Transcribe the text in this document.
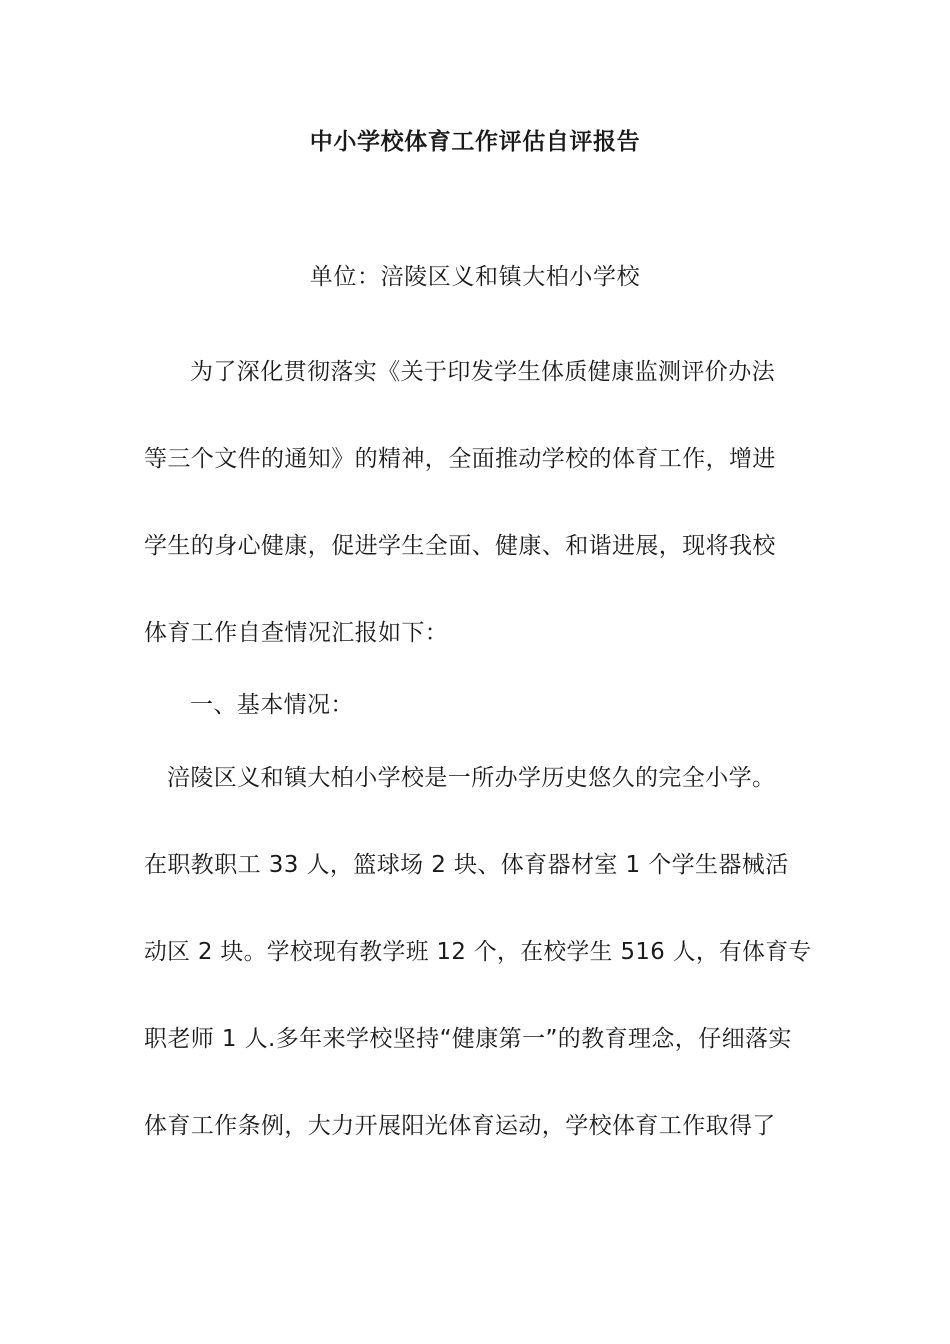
中小学校体育工作评估自评报告
单位：涪陵区义和镇大柏小学校
为了深化贯彻落实《关于印发学生体质健康监测评价办法
等三个文件的通知》的精神，全面推动学校的体育工作，增进
学生的身心健康，促进学生全面、健康、和谐进展，现将我校
体育工作自查情况汇报如下：
一、基本情况：
涪陵区义和镇大柏小学校是一所办学历史悠久的完全小学。
在职教职工 33 人，篮球场 2 块、体育器材室 1 个学生器械活
动区 2 块。学校现有教学班 12 个，在校学生 516 人，有体育专
职老师 1 人.多年来学校坚持“健康第一”的教育理念，仔细落实
体育工作条例，大力开展阳光体育运动，学校体育工作取得了
